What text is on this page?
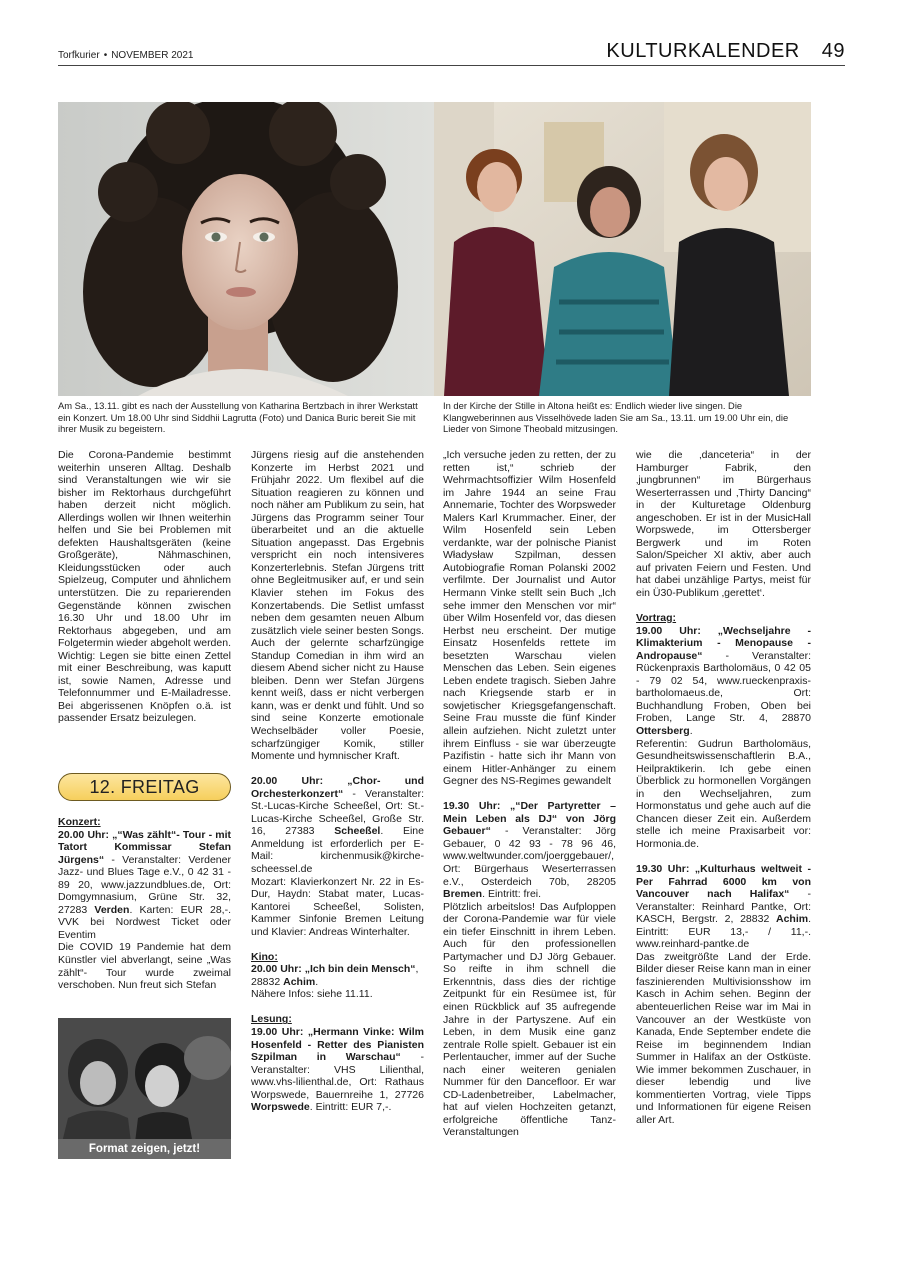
Torfkurier • NOVEMBER 2021	KULTURKALENDER 49
Am Sa., 13.11. gibt es nach der Ausstellung von Katharina Bertzbach in ihrer Werkstatt ein Konzert. Um 18.00 Uhr sind Siddhii Lagrutta (Foto) und Danica Buric bereit Sie mit ihrer Musik zu begeistern.
In der Kirche der Stille in Altona heißt es: Endlich wieder live singen. Die Klangweberinnen aus Visselhövede laden Sie am Sa., 13.11. um 19.00 Uhr ein, die Lieder von Simone Theobald mitzusingen.

Die Corona-Pandemie bestimmt weiterhin unseren Alltag. Deshalb sind Veranstaltungen wie wir sie bisher im Rektorhaus durchgeführt haben derzeit nicht möglich. Allerdings wollen wir Ihnen weiterhin helfen und Sie bei Problemen mit defekten Haushaltsgeräten (keine Großgeräte), Nähmaschinen, Kleidungsstücken oder auch Spielzeug, Computer und ähnlichem unterstützen. Die zu reparierenden Gegenstände können zwischen 16.30 Uhr und 18.00 Uhr im Rektorhaus abgegeben, und am Folgetermin wieder abgeholt werden. Wichtig: Legen sie bitte einen Zettel mit einer Beschreibung, was kaputt ist, sowie Namen, Adresse und Telefonnummer und E-Mailadresse. Bei abgerissenen Knöpfen o.ä. ist passender Ersatz beizulegen.

12. FREITAG

Konzert:

20.00 Uhr: „“Was zählt“- Tour - mit Tatort Kommissar Stefan Jürgens“ - Veranstalter: Verdener Jazz- und Blues Tage e.V., 0 42 31 - 89 20, www.jazzundblues.de, Ort: Domgymnasium, Grüne Str. 32, 27283 Verden. Karten: EUR 28,-. VVK bei Nordwest Ticket oder Eventim

Die COVID 19 Pandemie hat dem Künstler viel abverlangt, seine „Was zählt“- Tour wurde zweimal verschoben. Nun freut sich Stefan

Format zeigen, jetzt!

Jürgens riesig auf die anstehenden Konzerte im Herbst 2021 und Frühjahr 2022. Um flexibel auf die Situation reagieren zu können und noch näher am Publikum zu sein, hat Jürgens das Programm seiner Tour überarbeitet und an die aktuelle Situation angepasst. Das Ergebnis verspricht ein noch intensiveres Konzerterlebnis. Stefan Jürgens tritt ohne Begleitmusiker auf, er und sein Klavier stehen im Fokus des Konzertabends. Die Setlist umfasst neben dem gesamten neuen Album zusätzlich viele seiner besten Songs. Auch der gelernte scharfzüngige Standup Comedian in ihm wird an diesem Abend sicher nicht zu Hause bleiben. Denn wer Stefan Jürgens kennt weiß, dass er nicht verbergen kann, was er denkt und fühlt. Und so sind seine Konzerte emotionale Wechselbäder voller Poesie, scharfzüngiger Komik, stiller Momente und hymnischer Kraft.

20.00 Uhr: „Chor- und Orchesterkonzert“ - Veranstalter: St.-Lucas-Kirche Scheeßel, Ort: St.-Lucas-Kirche Scheeßel, Große Str. 16, 27383 Scheeßel. Eine Anmeldung ist erforderlich per E-Mail: kirchenmusik@kirche-scheessel.de

Mozart: Klavierkonzert Nr. 22 in Es-Dur, Haydn: Stabat mater, Lucas-Kantorei Scheeßel, Solisten, Kammer Sinfonie Bremen Leitung und Klavier: Andreas Winterhalter.

Kino:

20.00 Uhr: „Ich bin dein Mensch“, 28832 Achim.

Nähere Infos: siehe 11.11.

Lesung:

19.00 Uhr: „Hermann Vinke: Wilm Hosenfeld - Retter des Pianisten Szpilman in Warschau“ - Veranstalter: VHS Lilienthal, www.vhs-lilienthal.de, Ort: Rathaus Worpswede, Bauernreihe 1, 27726 Worpswede. Eintritt: EUR 7,-.

„Ich versuche jeden zu retten, der zu retten ist,“ schrieb der Wehrmachtsoffizier Wilm Hosenfeld im Jahre 1944 an seine Frau Annemarie, Tochter des Worpsweder Malers Karl Krummacher. Einer, der Wilm Hosenfeld sein Leben verdankte, war der polnische Pianist Władysław Szpilman, dessen Autobiografie Roman Polanski 2002 verfilmte. Der Journalist und Autor Hermann Vinke stellt sein Buch „Ich sehe immer den Menschen vor mir“ über Wilm Hosenfeld vor, das diesen Herbst neu erscheint. Der mutige Einsatz Hosenfelds rettete im besetzten Warschau vielen Menschen das Leben. Sein eigenes Leben endete tragisch. Sieben Jahre nach Kriegsende starb er in sowjetischer Kriegsgefangenschaft. Seine Frau musste die fünf Kinder allein aufziehen. Nicht zuletzt unter ihrem Einfluss - sie war überzeugte Pazifistin - hatte sich ihr Mann von einem Hitler-Anhänger zu einem Gegner des NS-Regimes gewandelt

19.30 Uhr: „“Der Partyretter – Mein Leben als DJ“ von Jörg Gebauer“ - Veranstalter: Jörg Gebauer, 0 42 93 - 78 96 46, www.weltwunder.com/joerggebauer/, Ort: Bürgerhaus Weserterrassen e.V., Osterdeich 70b, 28205 Bremen. Eintritt: frei.

Plötzlich arbeitslos! Das Aufploppen der Corona-Pandemie war für viele ein tiefer Einschnitt in ihrem Leben. Auch für den professionellen Partymacher und DJ Jörg Gebauer. So reifte in ihm schnell die Erkenntnis, dass dies der richtige Zeitpunkt für ein Resümee ist, für einen Rückblick auf 35 aufregende Jahre in der Partyszene. Auf ein Leben, in dem Musik eine ganz zentrale Rolle spielt. Gebauer ist ein Perlentaucher, immer auf der Suche nach einer weiteren genialen Nummer für den Dancefloor. Er war CD-Ladenbetreiber, Labelmacher, hat auf vielen Hochzeiten getanzt, erfolgreiche öffentliche Tanz-Veranstaltungen

wie die ‚danceteria“ in der Hamburger Fabrik, den ‚jungbrunnen“ im Bürgerhaus Weserterrassen und ‚Thirty Dancing“ in der Kulturetage Oldenburg angeschoben. Er ist in der MusicHall Worpswede, im Ottersberger Bergwerk und im Roten Salon/Speicher XI aktiv, aber auch auf privaten Feiern und Festen. Und hat dabei unzählige Partys, meist für ein Ü30-Publikum ‚gerettet‘.

Vortrag:

19.00 Uhr: „Wechseljahre - Klimakterium - Menopause - Andropause“ - Veranstalter: Rückenpraxis Bartholomäus, 0 42 05 - 79 02 54, www.rueckenpraxis-bartholomaeus.de, Ort: Buchhandlung Froben, Oben bei Froben, Lange Str. 4, 28870 Ottersberg.

Referentin: Gudrun Bartholomäus, Gesundheitswissenschaftlerin B.A., Heilpraktikerin. Ich gebe einen Überblick zu hormonellen Vorgängen in den Wechseljahren, zum Hormonstatus und gehe auch auf die Chancen dieser Zeit ein. Außerdem stelle ich meine Praxisarbeit vor: Hormonia.de.

19.30 Uhr: „Kulturhaus weltweit - Per Fahrrad 6000 km von Vancouver nach Halifax“ - Veranstalter: Reinhard Pantke, Ort: KASCH, Bergstr. 2, 28832 Achim. Eintritt: EUR 13,- / 11,-. www.reinhard-pantke.de

Das zweitgrößte Land der Erde. Bilder dieser Reise kann man in einer faszinierenden Multivisionsshow im Kasch in Achim sehen. Beginn der abenteuerlichen Reise war im Mai in Vancouver an der Westküste von Kanada, Ende September endete die Reise im beginnendem Indian Summer in Halifax an der Ostküste. Wie immer bekommen Zuschauer, in dieser lebendig und live kommentierten Vortrag, viele Tipps und Informationen für eigene Reisen aller Art.
